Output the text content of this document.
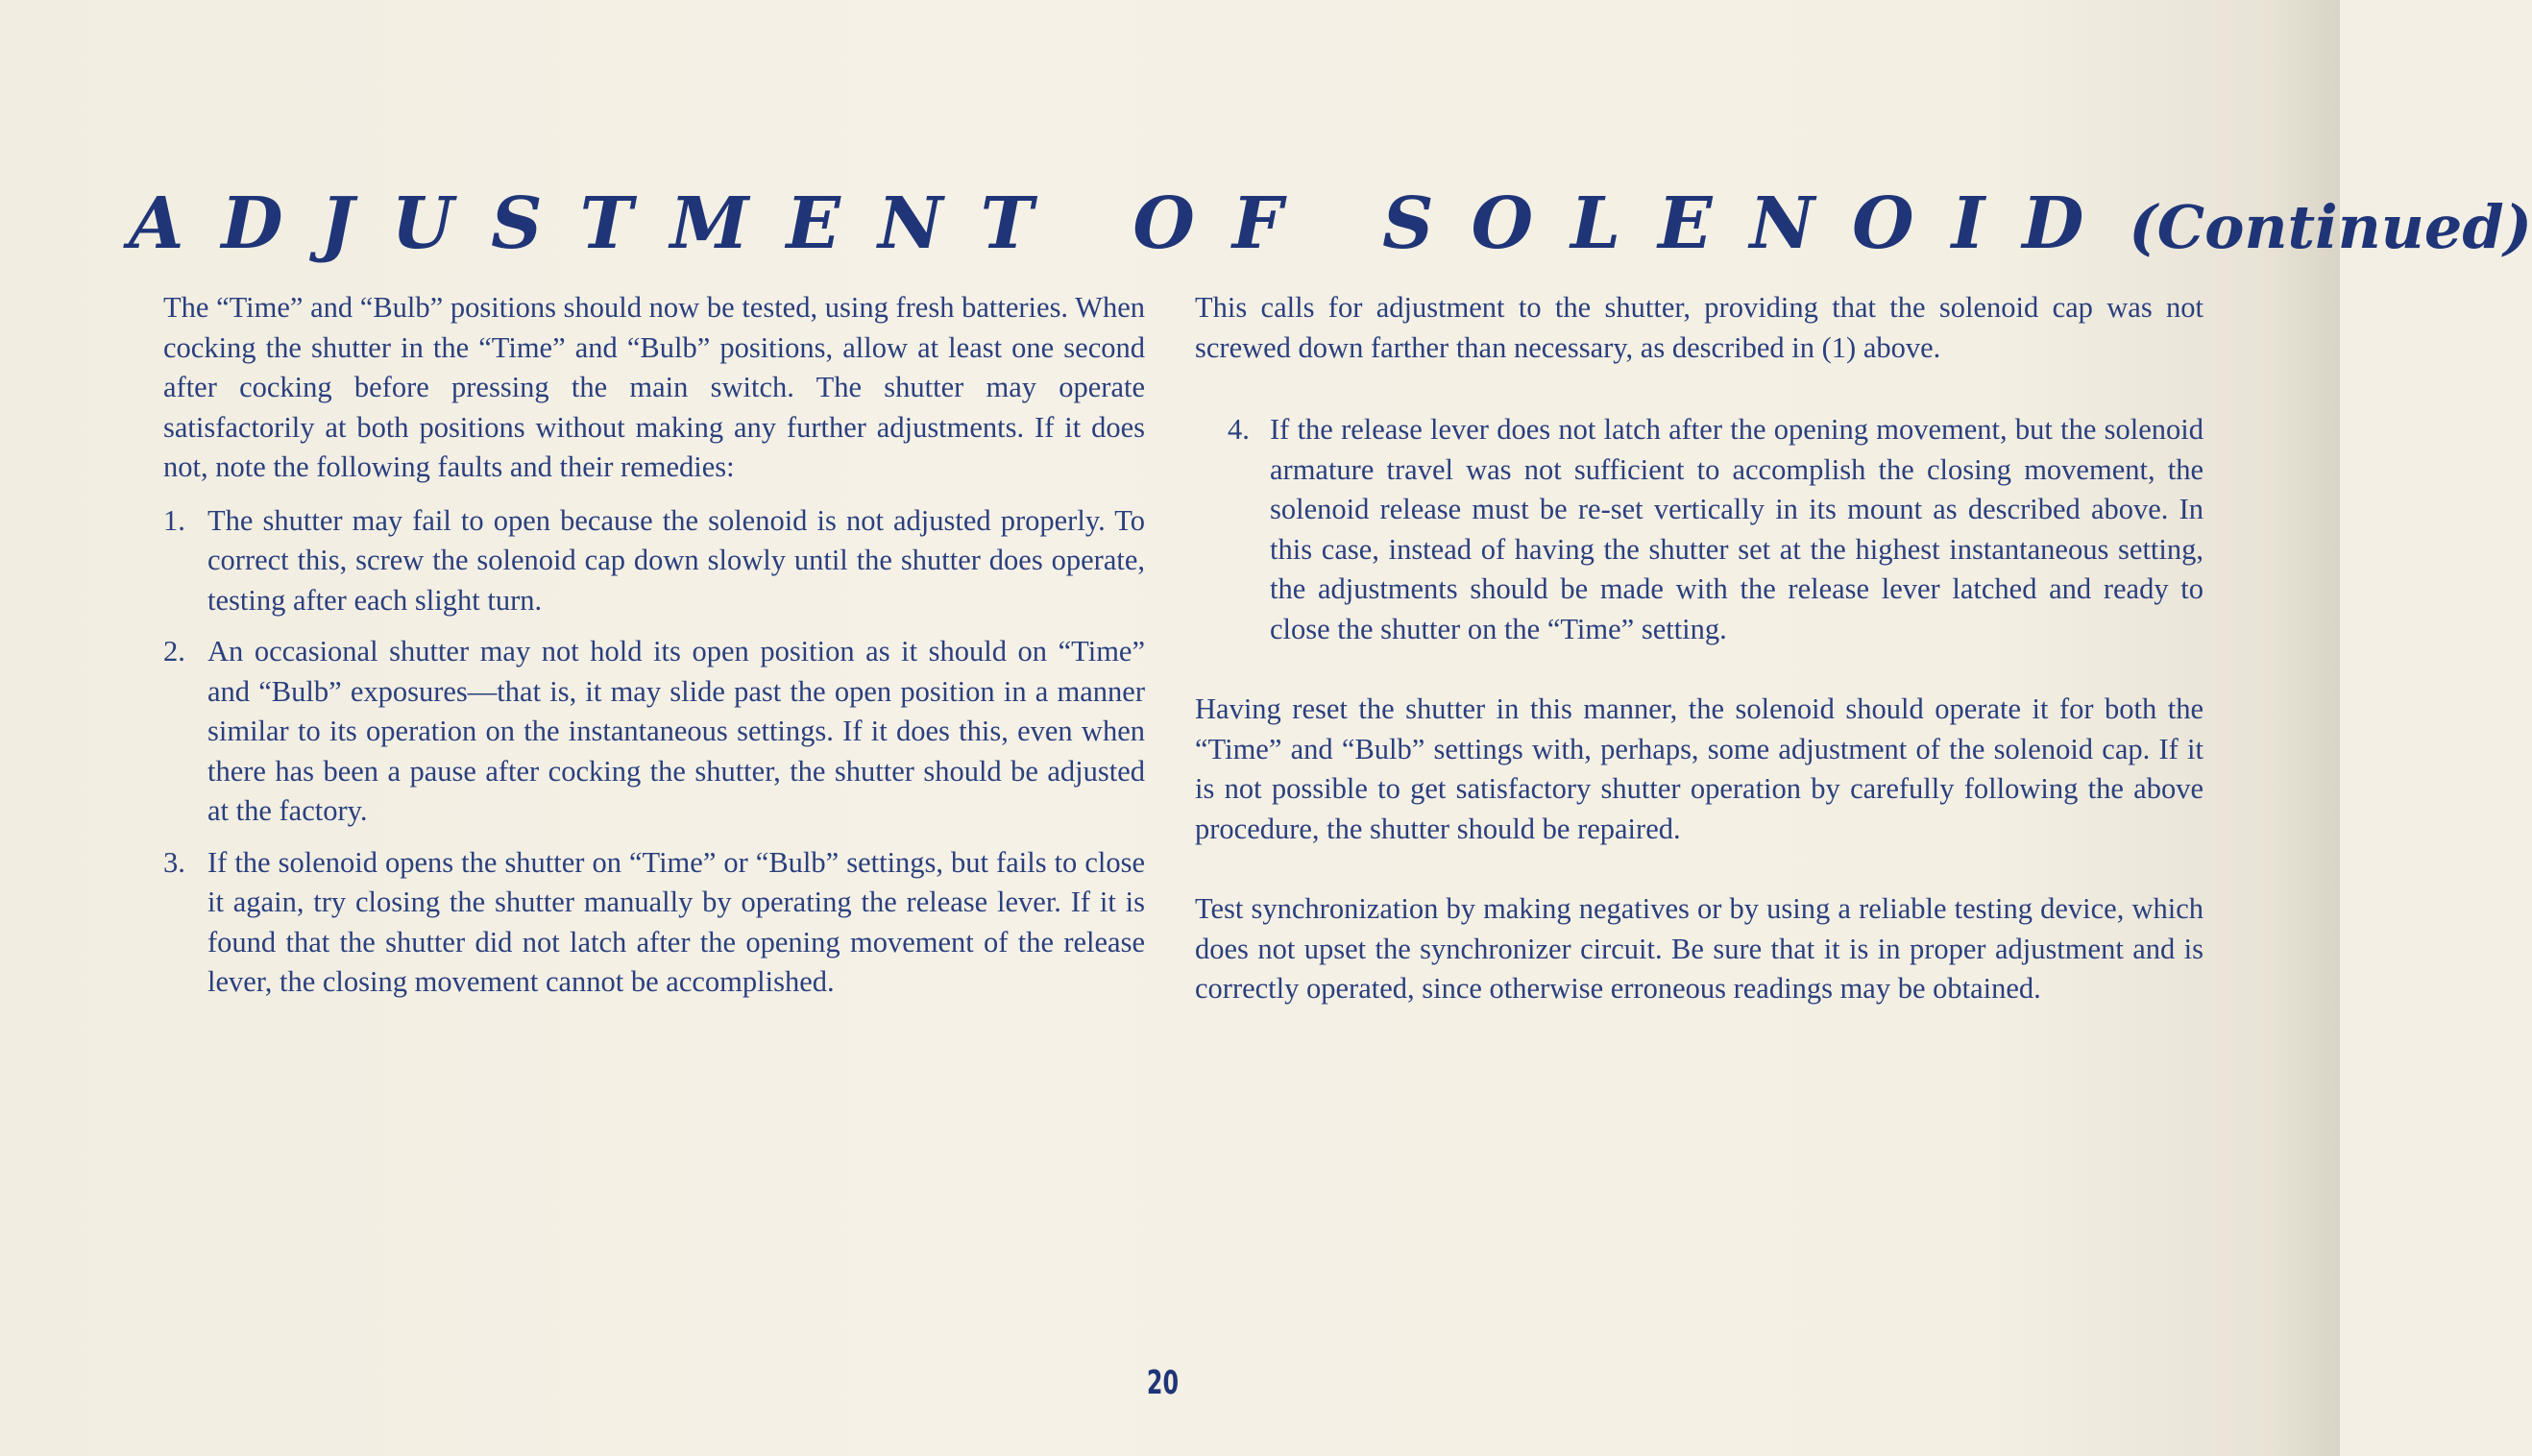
ADJUSTMENT OF SOLENOID (Continued)

The “Time” and “Bulb” positions should now be tested, using fresh batteries. When cocking the shutter in the “Time” and “Bulb” positions, allow at least one second after cocking before pressing the main switch. The shutter may operate satisfactorily at both positions without making any further adjustments. If it does not, note the following faults and their remedies:

1. The shutter may fail to open because the solenoid is not adjusted properly. To correct this, screw the solenoid cap down slowly until the shutter does operate, testing after each slight turn.

2. An occasional shutter may not hold its open position as it should on “Time” and “Bulb” exposures—that is, it may slide past the open position in a manner similar to its operation on the instantaneous settings. If it does this, even when there has been a pause after cocking the shutter, the shutter should be adjusted at the factory.

3. If the solenoid opens the shutter on “Time” or “Bulb” settings, but fails to close it again, try closing the shutter manually by operating the release lever. If it is found that the shutter did not latch after the opening movement of the release lever, the closing movement cannot be accomplished.

This calls for adjustment to the shutter, providing that the solenoid cap was not screwed down farther than necessary, as described in (1) above.

4. If the release lever does not latch after the opening movement, but the solenoid armature travel was not sufficient to accomplish the closing movement, the solenoid release must be re-set vertically in its mount as described above. In this case, instead of having the shutter set at the highest instantaneous setting, the adjustments should be made with the release lever latched and ready to close the shutter on the “Time” setting.

Having reset the shutter in this manner, the solenoid should operate it for both the “Time” and “Bulb” settings with, perhaps, some adjustment of the solenoid cap. If it is not possible to get satisfactory shutter operation by carefully following the above procedure, the shutter should be repaired.

Test synchronization by making negatives or by using a reliable testing device, which does not upset the synchronizer circuit. Be sure that it is in proper adjustment and is correctly operated, since otherwise erroneous readings may be obtained.

20
